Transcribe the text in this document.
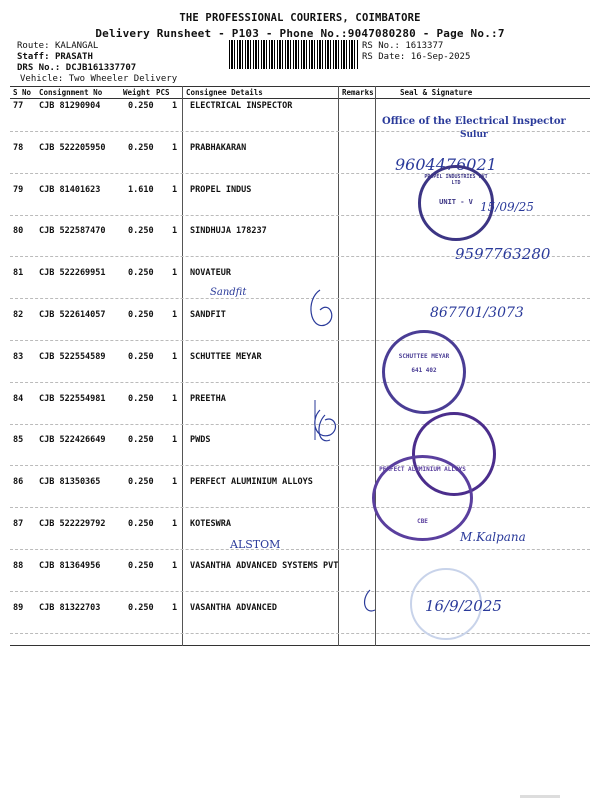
THE PROFESSIONAL COURIERS, COIMBATORE
Delivery Runsheet - P103 - Phone No.:9047080280 - Page No.:7
Route: KALANGAL
Staff: PRASATH
DRS No.: DCJB161337707
Vehicle: Two Wheeler Delivery
RS No.: 1613377
RS Date: 16-Sep-2025
S No Consignment No	Weight PCS Consignee Details	Remarks	Seal & Signature
77 CJB 81290904	0.250 1 ELECTRICAL INSPECTOR
78 CJB 522205950	0.250 1 PRABHAKARAN
79 CJB 81401623	1.610 1 PROPEL INDUS
80 CJB 522587470	0.250 1 SINDHUJA 178237
81 CJB 522269951	0.250 1 NOVATEUR
82 CJB 522614057	0.250 1 SANDFIT
83 CJB 522554589	0.250 1 SCHUTTEE MEYAR
84 CJB 522554981	0.250 1 PREETHA
85 CJB 522426649	0.250 1 PWDS
86 CJB 81350365	0.250 1 PERFECT ALUMINIUM ALLOYS
87 CJB 522229792	0.250 1 KOTESWRA
88 CJB 81364956	0.250 1 VASANTHA ADVANCED SYSTEMS PVT
89 CJB 81322703	0.250 1 VASANTHA ADVANCED
Office of the Electrical Inspector
Sulur
9604476021
PROPEL INDUSTRIES PVT LTD
UNIT - V 15/09/25
9597763280
Sandfit
867701/3073
SCHUTTEE MEYAR
641 402
PERFECT ALUMINIUM ALLOYS
CBE
M.Kalpana
ALSTOM
16/9/2025
